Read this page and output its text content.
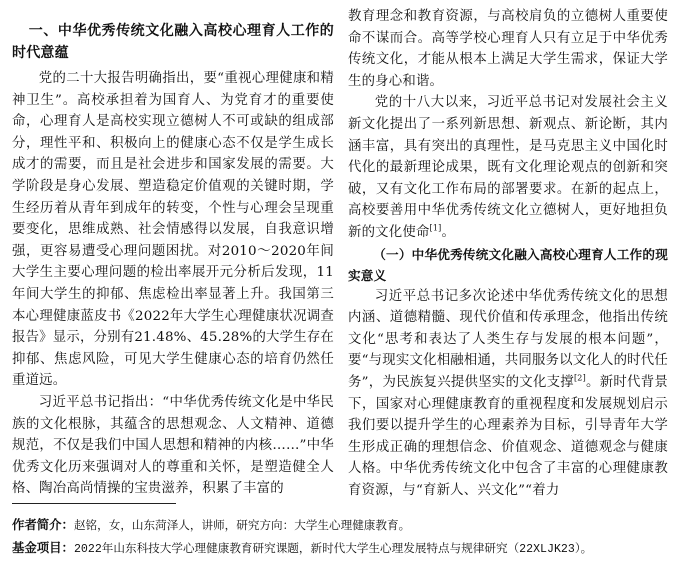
一、中华优秀传统文化融入高校心理育人工作的时代意蕴

党的二十大报告明确指出，要“重视心理健康和精神卫生”。高校承担着为国育人、为党育才的重要使命，心理育人是高校实现立德树人不可或缺的组成部分，理性平和、积极向上的健康心态不仅是学生成长成才的需要，而且是社会进步和国家发展的需要。大学阶段是身心发展、塑造稳定价值观的关键时期，学生经历着从青年到成年的转变，个性与心理会呈现重要变化，思维成熟、社会情感得以发展，自我意识增强，更容易遭受心理问题困扰。对2010～2020年间大学生主要心理问题的检出率展开元分析后发现，11年间大学生的抑郁、焦虑检出率显著上升。我国第三本心理健康蓝皮书《2022年大学生心理健康状况调查报告》显示，分别有21.48%、45.28%的大学生存在抑郁、焦虑风险，可见大学生健康心态的培育仍然任重道远。

习近平总书记指出：“中华优秀传统文化是中华民族的文化根脉，其蕴含的思想观念、人文精神、道德规范，不仅是我们中国人思想和精神的内核……”中华优秀文化历来强调对人的尊重和关怀，是塑造健全人格、陶冶高尚情操的宝贵滋养，积累了丰富的

教育理念和教育资源，与高校肩负的立德树人重要使命不谋而合。高等学校心理育人只有立足于中华优秀传统文化，才能从根本上满足大学生需求，保证大学生的身心和谐。

党的十八大以来，习近平总书记对发展社会主义新文化提出了一系列新思想、新观点、新论断，其内涵丰富，具有突出的真理性，是马克思主义中国化时代化的最新理论成果，既有文化理论观点的创新和突破，又有文化工作布局的部署要求。在新的起点上，高校要善用中华优秀传统文化立德树人，更好地担负新的文化使命[1]。

（一）中华优秀传统文化融入高校心理育人工作的现实意义

习近平总书记多次论述中华优秀传统文化的思想内涵、道德精髓、现代价值和传承理念，他指出传统文化“思考和表达了人类生存与发展的根本问题”，要“与现实文化相融相通，共同服务以文化人的时代任务”，为民族复兴提供坚实的文化支撑[2]。新时代背景下，国家对心理健康教育的重视程度和发展规划启示我们要以提升学生的心理素养为目标，引导青年大学生形成正确的理想信念、价值观念、道德观念与健康人格。中华优秀传统文化中包含了丰富的心理健康教育资源，与“育新人、兴文化”“着力

作者简介：赵铭，女，山东菏泽人，讲师，研究方向：大学生心理健康教育。
基金项目：2022年山东科技大学心理健康教育研究课题，新时代大学生心理发展特点与规律研究（22XLJK23）。
